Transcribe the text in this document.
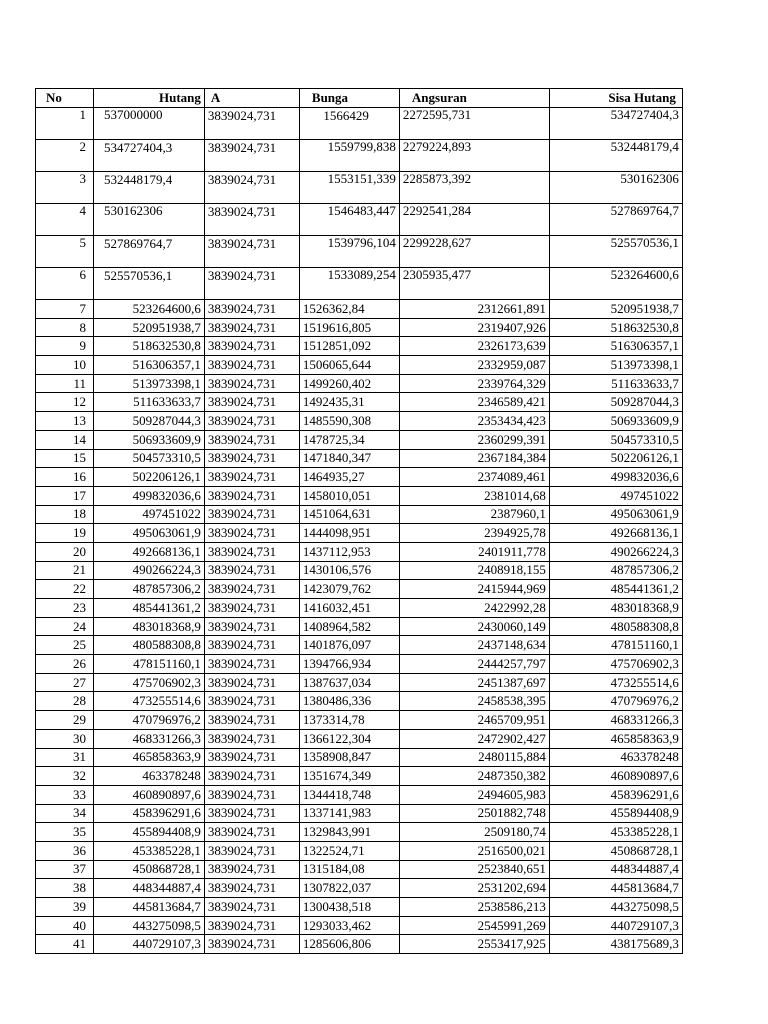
No	Hutang	A	Bunga	Angsuran	Sisa Hutang
1	537000000	3839024,731	1566429	2272595,731	534727404,3
2	534727404,3	3839024,731	1559799,838	2279224,893	532448179,4
3	532448179,4	3839024,731	1553151,339	2285873,392	530162306
4	530162306	3839024,731	1546483,447	2292541,284	527869764,7
5	527869764,7	3839024,731	1539796,104	2299228,627	525570536,1
6	525570536,1	3839024,731	1533089,254	2305935,477	523264600,6
7	523264600,6	3839024,731	1526362,84	2312661,891	520951938,7
8	520951938,7	3839024,731	1519616,805	2319407,926	518632530,8
9	518632530,8	3839024,731	1512851,092	2326173,639	516306357,1
10	516306357,1	3839024,731	1506065,644	2332959,087	513973398,1
11	513973398,1	3839024,731	1499260,402	2339764,329	511633633,7
12	511633633,7	3839024,731	1492435,31	2346589,421	509287044,3
13	509287044,3	3839024,731	1485590,308	2353434,423	506933609,9
14	506933609,9	3839024,731	1478725,34	2360299,391	504573310,5
15	504573310,5	3839024,731	1471840,347	2367184,384	502206126,1
16	502206126,1	3839024,731	1464935,27	2374089,461	499832036,6
17	499832036,6	3839024,731	1458010,051	2381014,68	497451022
18	497451022	3839024,731	1451064,631	2387960,1	495063061,9
19	495063061,9	3839024,731	1444098,951	2394925,78	492668136,1
20	492668136,1	3839024,731	1437112,953	2401911,778	490266224,3
21	490266224,3	3839024,731	1430106,576	2408918,155	487857306,2
22	487857306,2	3839024,731	1423079,762	2415944,969	485441361,2
23	485441361,2	3839024,731	1416032,451	2422992,28	483018368,9
24	483018368,9	3839024,731	1408964,582	2430060,149	480588308,8
25	480588308,8	3839024,731	1401876,097	2437148,634	478151160,1
26	478151160,1	3839024,731	1394766,934	2444257,797	475706902,3
27	475706902,3	3839024,731	1387637,034	2451387,697	473255514,6
28	473255514,6	3839024,731	1380486,336	2458538,395	470796976,2
29	470796976,2	3839024,731	1373314,78	2465709,951	468331266,3
30	468331266,3	3839024,731	1366122,304	2472902,427	465858363,9
31	465858363,9	3839024,731	1358908,847	2480115,884	463378248
32	463378248	3839024,731	1351674,349	2487350,382	460890897,6
33	460890897,6	3839024,731	1344418,748	2494605,983	458396291,6
34	458396291,6	3839024,731	1337141,983	2501882,748	455894408,9
35	455894408,9	3839024,731	1329843,991	2509180,74	453385228,1
36	453385228,1	3839024,731	1322524,71	2516500,021	450868728,1
37	450868728,1	3839024,731	1315184,08	2523840,651	448344887,4
38	448344887,4	3839024,731	1307822,037	2531202,694	445813684,7
39	445813684,7	3839024,731	1300438,518	2538586,213	443275098,5
40	443275098,5	3839024,731	1293033,462	2545991,269	440729107,3
41	440729107,3	3839024,731	1285606,806	2553417,925	438175689,3
